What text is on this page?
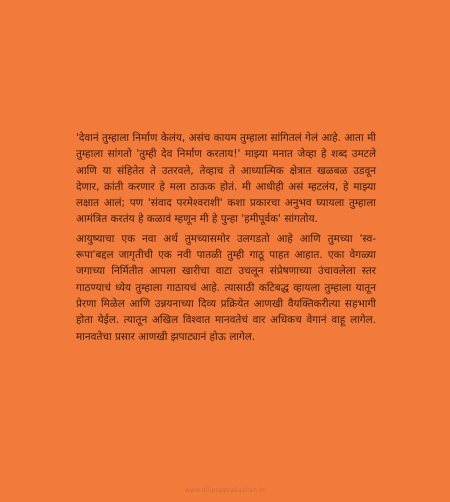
'देवानं तुम्हाला निर्माण केलंय, असंच कायम तुम्हाला सांगितलं गेलं आहे. आता मी तुम्हाला सांगतो 'तुम्ही देव निर्माण करताय!' माझ्या मनात जेव्हा हे शब्द उमटले आणि या संहितेत ते उतरवले, तेव्हाच ते आध्यात्मिक क्षेत्रात खळबळ उडवून देणार, क्रांती करणार हे मला ठाऊक होतं. मी आधीही असं म्हटलंय, हे माझ्या लक्षात आलं; पण 'संवाद परमेश्वराशी' कशा प्रकारचा अनुभव घ्यायला तुम्हाला आमंत्रित करतंय हे कळावं म्हणून मी हे पुन्हा 'हमीपूर्वक' सांगतोय.

आयुष्याचा एक नवा अर्थ तुमच्यासमोर उलगडतो आहे आणि तुमच्या 'स्व-रूपा'बद्दल जागृतीची एक नवी पातळी तुम्ही गाठू पाहत आहात. एका वेगळ्या जगाच्या निर्मितीत आपला खारीचा वाटा उचलून संप्रेषणाच्या उंचावलेला स्तर गाठण्याचं ध्येय तुम्हाला गाठायचं आहे. त्यासाठी कटिबद्ध व्हायला तुम्हाला यातून प्रेरणा मिळेल आणि उन्नयनाच्या दिव्य प्रक्रियेत आणखी वैयक्तिकरीत्या सहभागी होता येईल. त्यातून अखिल विश्वात मानवतेचं वार अधिकच वेगानं वाहू लागेल. मानवतेचा प्रसार आणखी झपाट्यानं होऊ लागेल.

www.diliprajprakashan.in
